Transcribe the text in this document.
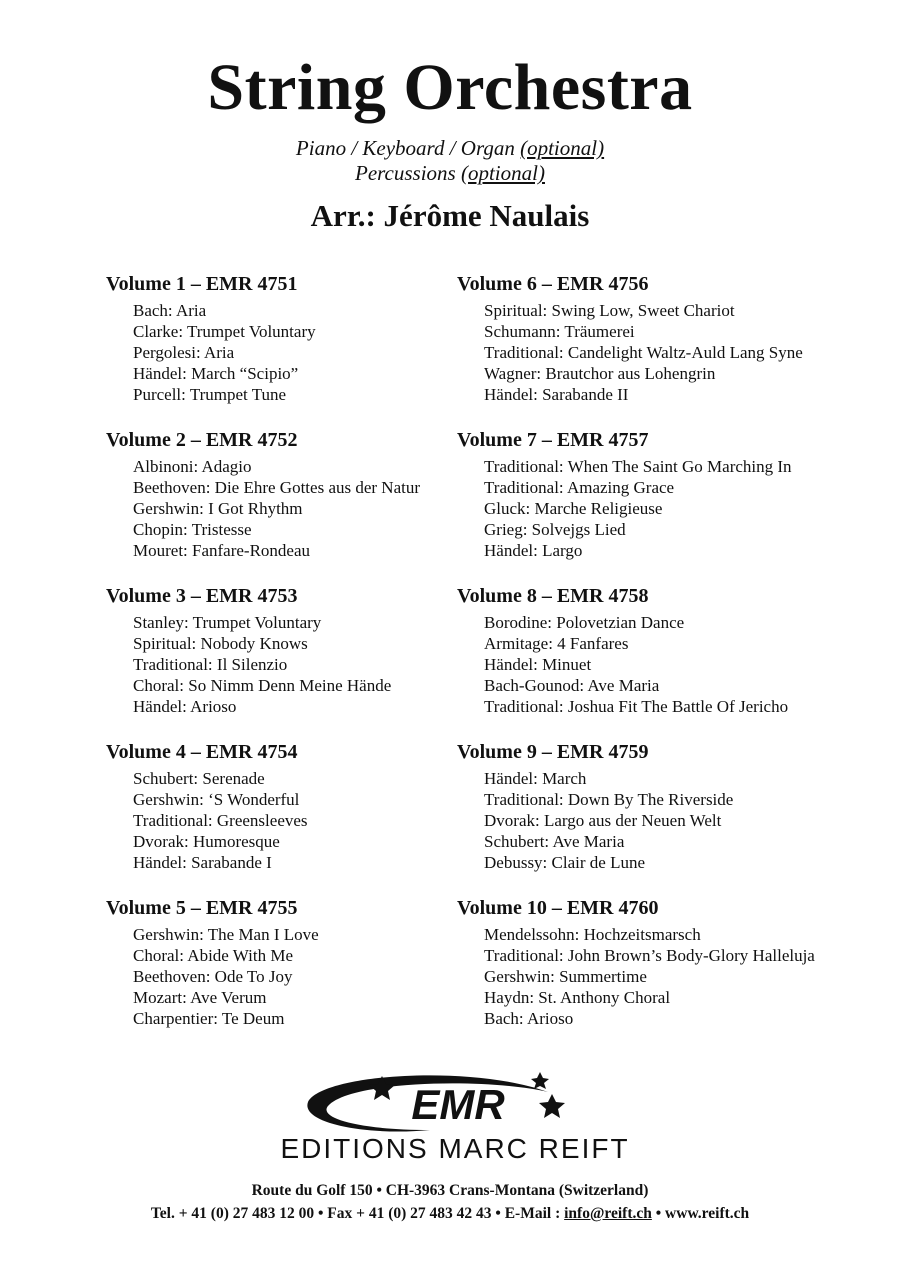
String Orchestra
Piano / Keyboard / Organ (optional)
Percussions (optional)
Arr.: Jérôme Naulais
Volume 1 – EMR 4751
Bach: Aria
Clarke: Trumpet Voluntary
Pergolesi: Aria
Händel: March “Scipio”
Purcell: Trumpet Tune
Volume 2 – EMR 4752
Albinoni: Adagio
Beethoven: Die Ehre Gottes aus der Natur
Gershwin: I Got Rhythm
Chopin: Tristesse
Mouret: Fanfare-Rondeau
Volume 3 – EMR 4753
Stanley: Trumpet Voluntary
Spiritual: Nobody Knows
Traditional: Il Silenzio
Choral: So Nimm Denn Meine Hände
Händel: Arioso
Volume 4 – EMR 4754
Schubert: Serenade
Gershwin: ‘S Wonderful
Traditional: Greensleeves
Dvorak: Humoresque
Händel: Sarabande I
Volume 5 – EMR 4755
Gershwin: The Man I Love
Choral: Abide With Me
Beethoven: Ode To Joy
Mozart: Ave Verum
Charpentier: Te Deum
Volume 6 – EMR 4756
Spiritual: Swing Low, Sweet Chariot
Schumann: Träumerei
Traditional: Candelight Waltz-Auld Lang Syne
Wagner: Brautchor aus Lohengrin
Händel: Sarabande II
Volume 7 – EMR 4757
Traditional: When The Saint Go Marching In
Traditional: Amazing Grace
Gluck: Marche Religieuse
Grieg: Solvejgs Lied
Händel: Largo
Volume 8 – EMR 4758
Borodine: Polovetzian Dance
Armitage: 4 Fanfares
Händel: Minuet
Bach-Gounod: Ave Maria
Traditional: Joshua Fit The Battle Of Jericho
Volume 9 – EMR 4759
Händel: March
Traditional: Down By The Riverside
Dvorak: Largo aus der Neuen Welt
Schubert: Ave Maria
Debussy: Clair de Lune
Volume 10 – EMR 4760
Mendelssohn: Hochzeitsmarsch
Traditional: John Brown’s Body-Glory Halleluja
Gershwin: Summertime
Haydn: St. Anthony Choral
Bach: Arioso
EMR
EDITIONS MARC REIFT
Route du Golf 150 • CH-3963 Crans-Montana (Switzerland)
Tel. + 41 (0) 27 483 12 00 • Fax + 41 (0) 27 483 42 43 • E-Mail : info@reift.ch • www.reift.ch
